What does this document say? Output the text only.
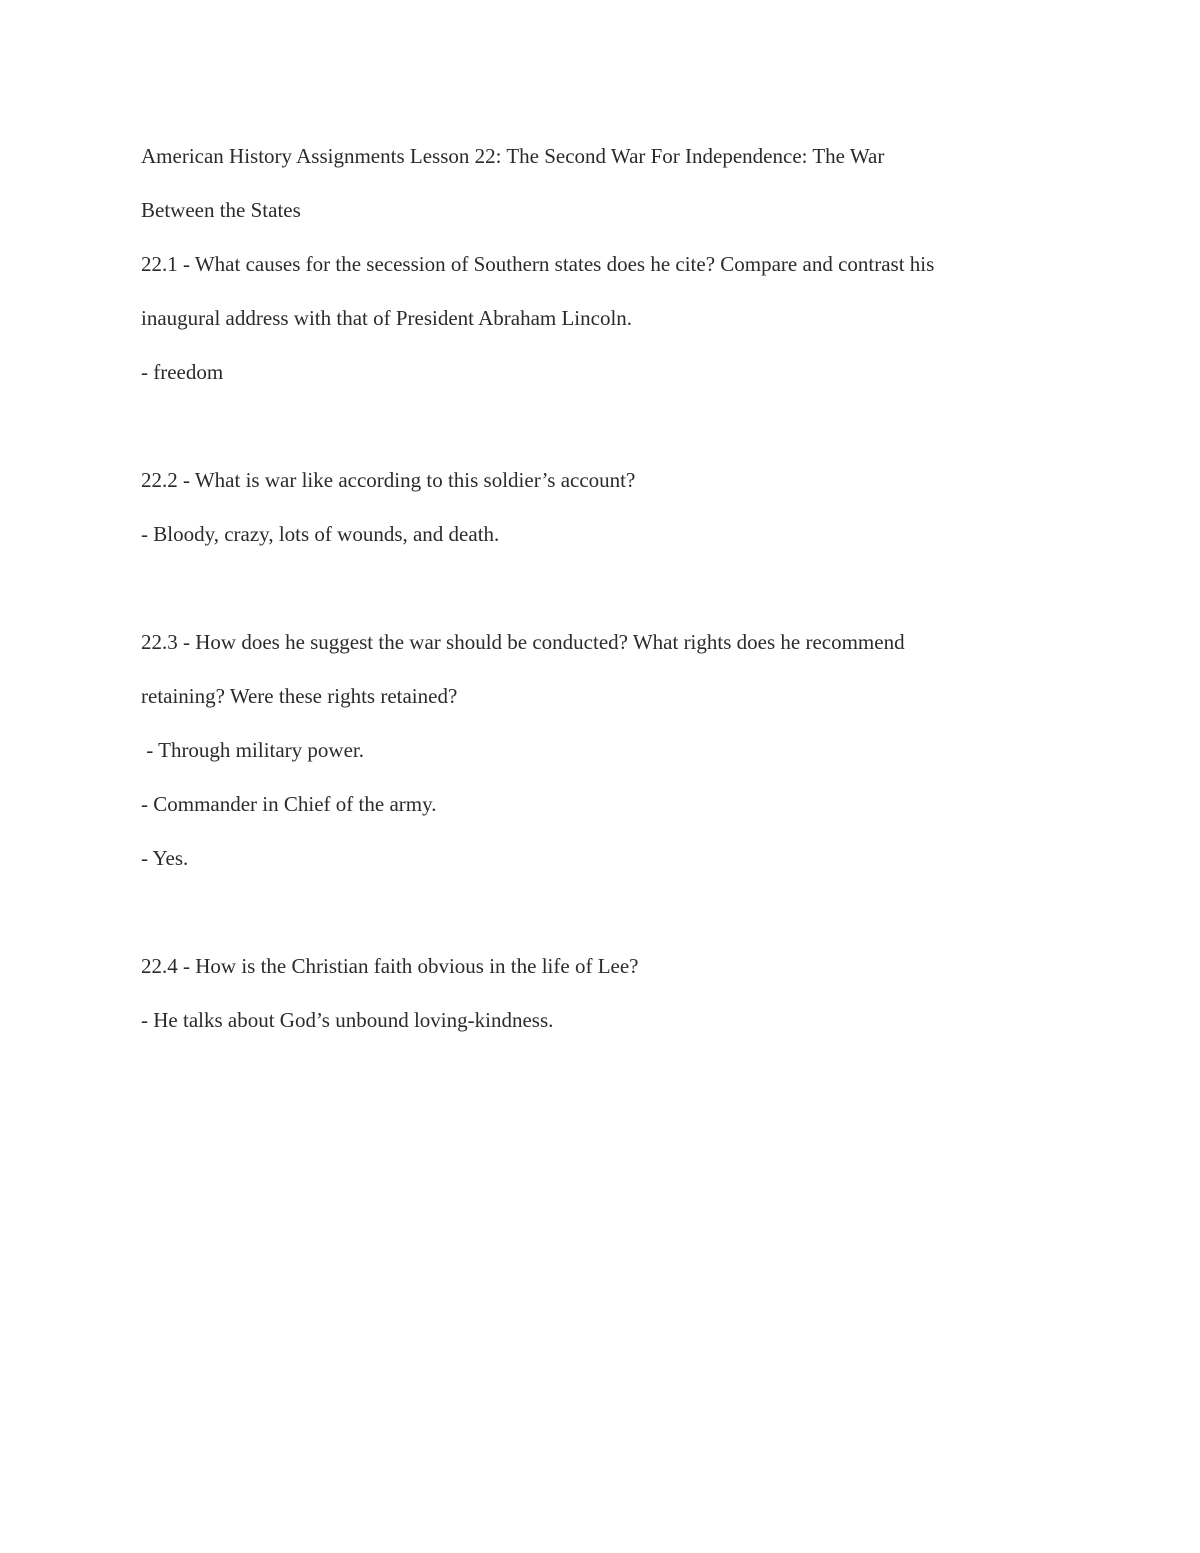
American History Assignments Lesson 22: The Second War For Independence: The War
Between the States
22.1 - What causes for the secession of Southern states does he cite? Compare and contrast his
inaugural address with that of President Abraham Lincoln.
- freedom
22.2 - What is war like according to this soldier’s account?
- Bloody, crazy, lots of wounds, and death.
22.3 - How does he suggest the war should be conducted? What rights does he recommend
retaining? Were these rights retained?
- Through military power.
- Commander in Chief of the army.
- Yes.
22.4 - How is the Christian faith obvious in the life of Lee?
- He talks about God’s unbound loving-kindness.
